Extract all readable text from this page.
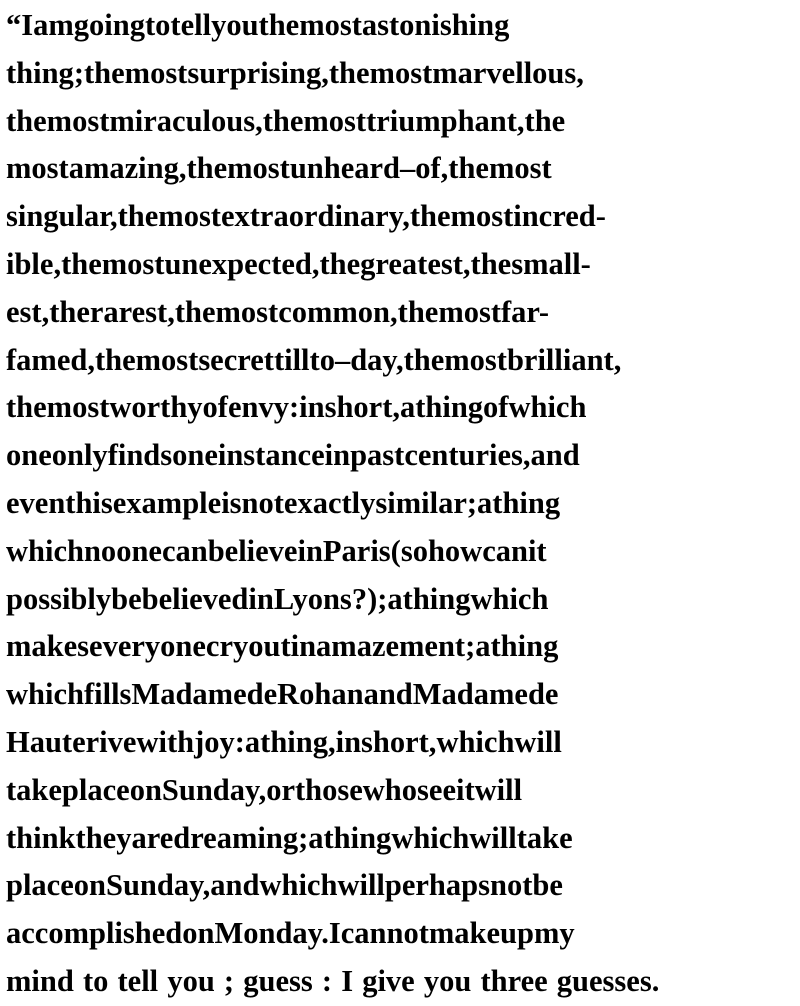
“Iamgoingtotellyouthemostastonishing
thing;themostsurprising,themostmarvellous,
themostmiraculous,themosttriumphant,the
mostamazing,themostunheard–of,themost
singular,themostextraordinary,themostincred-
ible,themostunexpected,thegreatest,thesmall-
est,therarest,themostcommon,themostfar-
famed,themostsecrettillto–day,themostbrilliant,
themostworthyofenvy:inshort,athingofwhich
oneonlyfindsoneinstanceinpastcenturies,and
eventhisexampleisnotexactlysimilar;athing
whichnoonecanbelieveinParis(sohowcanit
possiblybebelievedinLyons?);athingwhich
makeseveryonecryoutinamazement;athing
whichfillsMadamedeRohanandMadamede
Hauterivewithjoy:athing,inshort,whichwill
takeplaceonSunday,orthosewhoseeitwill
thinktheyaredreaming;athingwhichwilltake
placeonSunday,andwhichwillperhapsnotbe
accomplishedonMonday.Icannotmakeupmy
mind to tell you ; guess : I give you three guesses.
